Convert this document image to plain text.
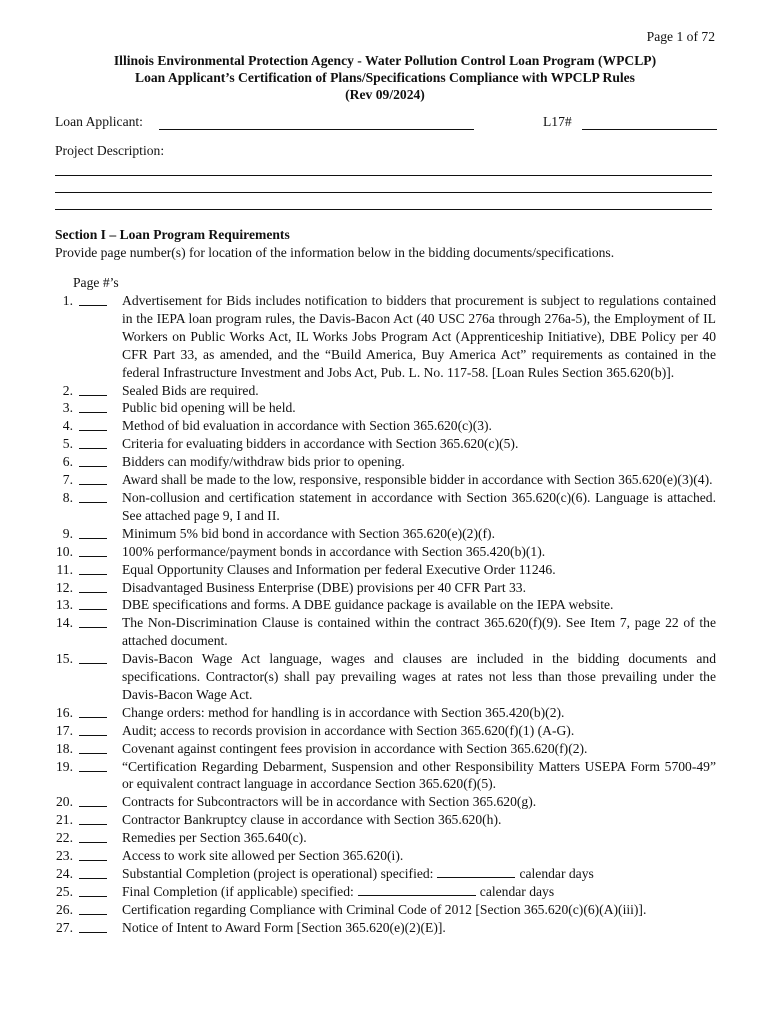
Page 1 of 72
Illinois Environmental Protection Agency - Water Pollution Control Loan Program (WPCLP)
Loan Applicant’s Certification of Plans/Specifications Compliance with WPCLP Rules
(Rev 09/2024)
Loan Applicant:	L17#
Project Description:
Section I – Loan Program Requirements
Provide page number(s) for location of the information below in the bidding documents/specifications.
Page #’s
1.	Advertisement for Bids includes notification to bidders that procurement is subject to regulations contained in the IEPA loan program rules, the Davis-Bacon Act (40 USC 276a through 276a-5), the Employment of IL Workers on Public Works Act, IL Works Jobs Program Act (Apprenticeship Initiative), DBE Policy per 40 CFR Part 33, as amended, and the “Build America, Buy America Act” requirements as contained in the federal Infrastructure Investment and Jobs Act, Pub. L. No. 117-58. [Loan Rules Section 365.620(b)].
2.	Sealed Bids are required.
3.	Public bid opening will be held.
4.	Method of bid evaluation in accordance with Section 365.620(c)(3).
5.	Criteria for evaluating bidders in accordance with Section 365.620(c)(5).
6.	Bidders can modify/withdraw bids prior to opening.
7.	Award shall be made to the low, responsive, responsible bidder in accordance with Section 365.620(e)(3)(4).
8.	Non-collusion and certification statement in accordance with Section 365.620(c)(6). Language is attached. See attached page 9, I and II.
9.	Minimum 5% bid bond in accordance with Section 365.620(e)(2)(f).
10.	100% performance/payment bonds in accordance with Section 365.420(b)(1).
11.	Equal Opportunity Clauses and Information per federal Executive Order 11246.
12.	Disadvantaged Business Enterprise (DBE) provisions per 40 CFR Part 33.
13.	DBE specifications and forms. A DBE guidance package is available on the IEPA website.
14.	The Non-Discrimination Clause is contained within the contract 365.620(f)(9). See Item 7, page 22 of the attached document.
15.	Davis-Bacon Wage Act language, wages and clauses are included in the bidding documents and specifications. Contractor(s) shall pay prevailing wages at rates not less than those prevailing under the Davis-Bacon Wage Act.
16.	Change orders: method for handling is in accordance with Section 365.420(b)(2).
17.	Audit; access to records provision in accordance with Section 365.620(f)(1) (A-G).
18.	Covenant against contingent fees provision in accordance with Section 365.620(f)(2).
19.	“Certification Regarding Debarment, Suspension and other Responsibility Matters USEPA Form 5700-49” or equivalent contract language in accordance Section 365.620(f)(5).
20.	Contracts for Subcontractors will be in accordance with Section 365.620(g).
21.	Contractor Bankruptcy clause in accordance with Section 365.620(h).
22.	Remedies per Section 365.640(c).
23.	Access to work site allowed per Section 365.620(i).
24.	Substantial Completion (project is operational) specified:	calendar days
25.	Final Completion (if applicable) specified:	calendar days
26.	Certification regarding Compliance with Criminal Code of 2012 [Section 365.620(c)(6)(A)(iii)].
27.	Notice of Intent to Award Form [Section 365.620(e)(2)(E)].
